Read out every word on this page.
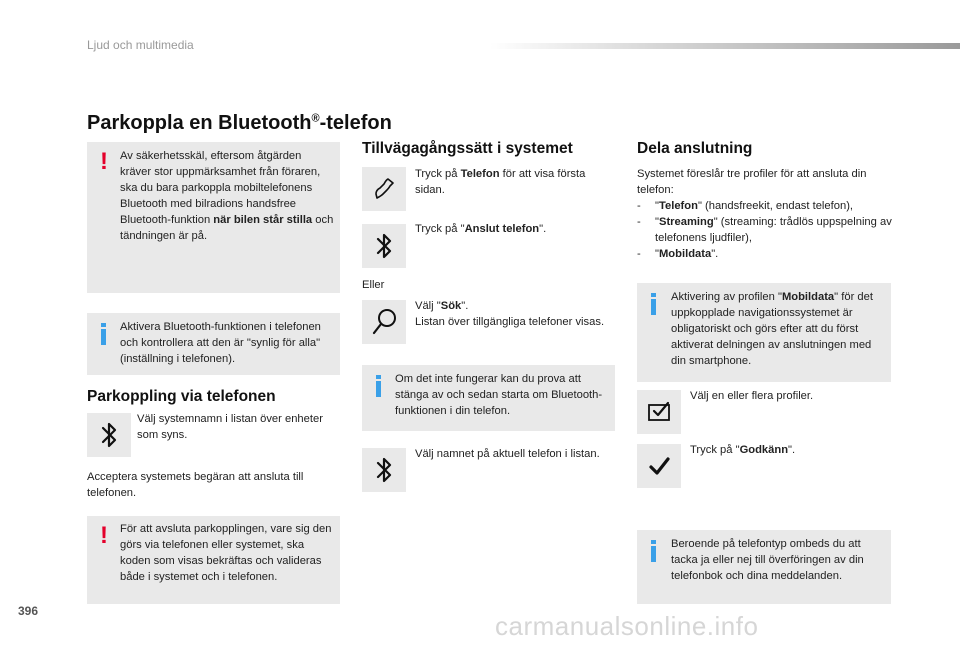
Ljud och multimedia
Parkoppla en Bluetooth®-telefon
! Av säkerhetsskäl, eftersom åtgärden kräver stor uppmärksamhet från föraren, ska du bara parkoppla mobiltelefonens Bluetooth med bilradions handsfree Bluetooth-funktion när bilen står stilla och tändningen är på.
Aktivera Bluetooth-funktionen i telefonen och kontrollera att den är "synlig för alla" (inställning i telefonen).
Parkoppling via telefonen
Välj systemnamn i listan över enheter som syns.
Acceptera systemets begäran att ansluta till telefonen.
! För att avsluta parkopplingen, vare sig den görs via telefonen eller systemet, ska koden som visas bekräftas och valideras både i systemet och i telefonen.
Tillvägagångssätt i systemet
Tryck på Telefon för att visa första sidan.
Tryck på "Anslut telefon".
Eller
Välj "Sök".
Listan över tillgängliga telefoner visas.
Om det inte fungerar kan du prova att stänga av och sedan starta om Bluetooth-funktionen i din telefon.
Välj namnet på aktuell telefon i listan.
Dela anslutning
Systemet föreslår tre profiler för att ansluta din telefon:
-	"Telefon" (handsfreekit, endast telefon),
-	"Streaming" (streaming: trådlös uppspelning av telefonens ljudfiler),
-	"Mobildata".
Aktivering av profilen "Mobildata" för det uppkopplade navigationssystemet är obligatoriskt och görs efter att du först aktiverat delningen av anslutningen med din smartphone.
Välj en eller flera profiler.
Tryck på "Godkänn".
Beroende på telefontyp ombeds du att tacka ja eller nej till överföringen av din telefonbok och dina meddelanden.
396	carmanualsonline.info
